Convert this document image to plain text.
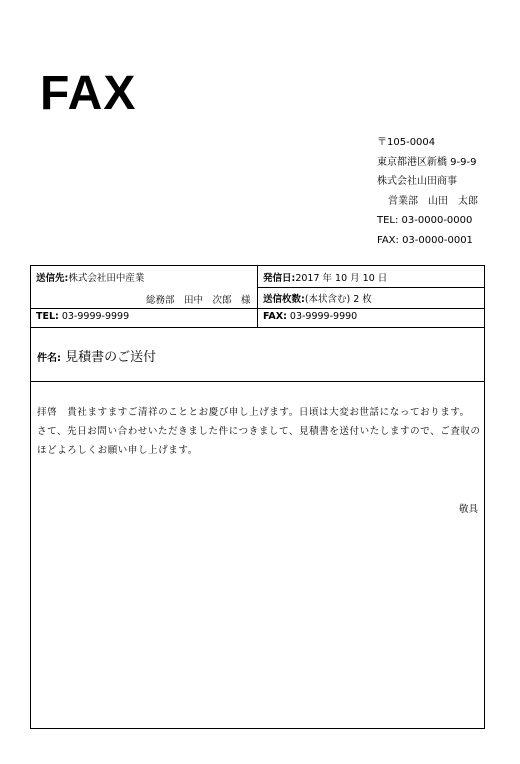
FAX
〒105-0004
東京都港区新橋 9-9-9
株式会社山田商事
営業部　山田　太郎
TEL: 03-0000-0000
FAX: 03-0000-0001
送信先:株式会社田中産業
総務部　田中　次郎　様
発信日:2017 年 10 月 10 日
送信枚数:(本状含む) 2 枚
TEL: 03-9999-9999	FAX: 03-9999-9990
件名: 見積書のご送付

拝啓　貴社ますますご清祥のこととお慶び申し上げます。日頃は大変お世話になっております。

さて、先日お問い合わせいただきました件につきまして、見積書を送付いたしますので、ご査収のほどよろしくお願い申し上げます。

敬具
